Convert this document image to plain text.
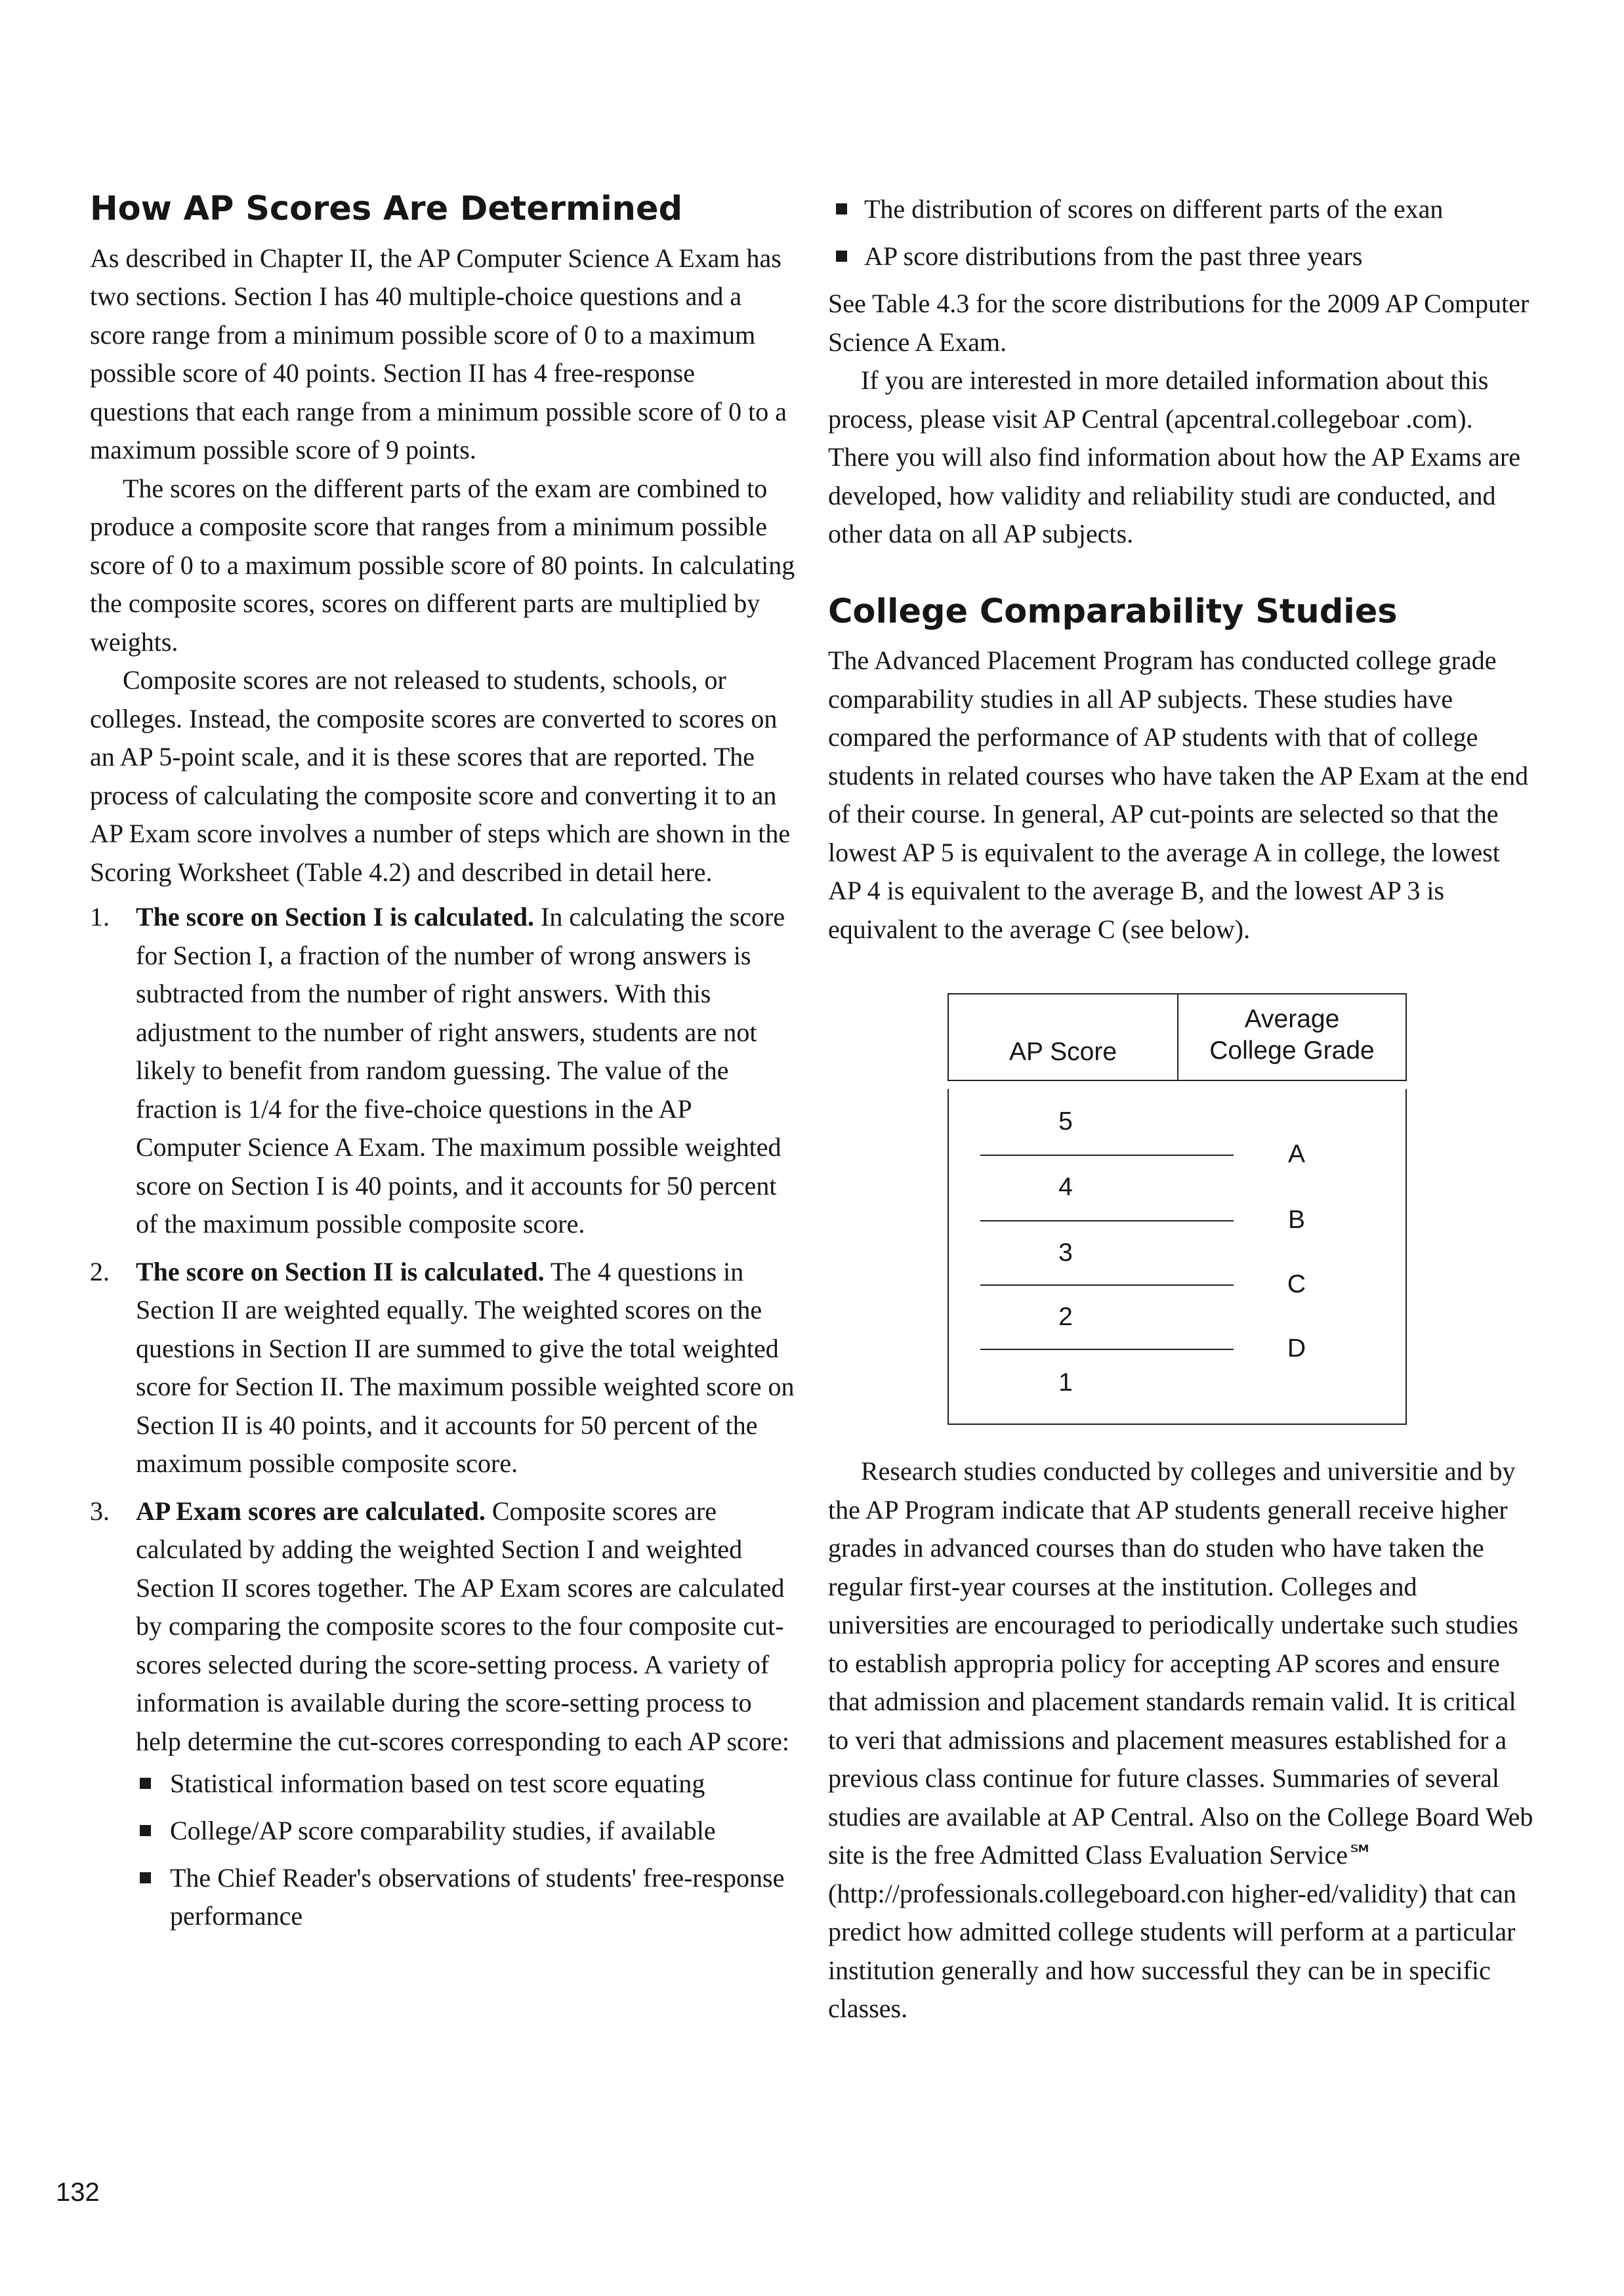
How AP Scores Are Determined

As described in Chapter II, the AP Computer Science A Exam has two sections. Section I has 40 multiple-choice questions and a score range from a minimum possible score of 0 to a maximum possible score of 40 points. Section II has 4 free-response questions that each range from a minimum possible score of 0 to a maximum possible score of 9 points.

The scores on the different parts of the exam are combined to produce a composite score that ranges from a minimum possible score of 0 to a maximum possible score of 80 points. In calculating the composite scores, scores on different parts are multiplied by weights.

Composite scores are not released to students, schools, or colleges. Instead, the composite scores are converted to scores on an AP 5-point scale, and it is these scores that are reported. The process of calculating the composite score and converting it to an AP Exam score involves a number of steps which are shown in the Scoring Worksheet (Table 4.2) and described in detail here.

1. The score on Section I is calculated. In calculating the score for Section I, a fraction of the number of wrong answers is subtracted from the number of right answers. With this adjustment to the number of right answers, students are not likely to benefit from random guessing. The value of the fraction is 1/4 for the five-choice questions in the AP Computer Science A Exam. The maximum possible weighted score on Section I is 40 points, and it accounts for 50 percent of the maximum possible composite score.
2. The score on Section II is calculated. The 4 questions in Section II are weighted equally. The weighted scores on the questions in Section II are summed to give the total weighted score for Section II. The maximum possible weighted score on Section II is 40 points, and it accounts for 50 percent of the maximum possible composite score.
3. AP Exam scores are calculated. Composite scores are calculated by adding the weighted Section I and weighted Section II scores together. The AP Exam scores are calculated by comparing the composite scores to the four composite cut-scores selected during the score-setting process. A variety of information is available during the score-setting process to help determine the cut-scores corresponding to each AP score:
Statistical information based on test score equating
College/AP score comparability studies, if available
The Chief Reader's observations of students' free-response performance
The distribution of scores on different parts of the exan
AP score distributions from the past three years

See Table 4.3 for the score distributions for the 2009 AP Computer Science A Exam.

If you are interested in more detailed information about this process, please visit AP Central (apcentral.collegeboar .com). There you will also find information about how the AP Exams are developed, how validity and reliability studi are conducted, and other data on all AP subjects.

College Comparability Studies

The Advanced Placement Program has conducted college grade comparability studies in all AP subjects. These studies have compared the performance of AP students with that of college students in related courses who have taken the AP Exam at the end of their course. In general, AP cut-points are selected so that the lowest AP 5 is equivalent to the average A in college, the lowest AP 4 is equivalent to the average B, and the lowest AP 3 is equivalent to the average C (see below).

AP Score
Average
College Grade
5
4
3
2
1
A
B
C
D

Research studies conducted by colleges and universitie and by the AP Program indicate that AP students generall receive higher grades in advanced courses than do studen who have taken the regular first-year courses at the institution. Colleges and universities are encouraged to periodically undertake such studies to establish appropria policy for accepting AP scores and ensure that admission and placement standards remain valid. It is critical to veri that admissions and placement measures established for a previous class continue for future classes. Summaries of several studies are available at AP Central. Also on the College Board Web site is the free Admitted Class Evaluation Service℠ (http://professionals.collegeboard.con higher-ed/validity) that can predict how admitted college students will perform at a particular institution generally and how successful they can be in specific classes.

132
